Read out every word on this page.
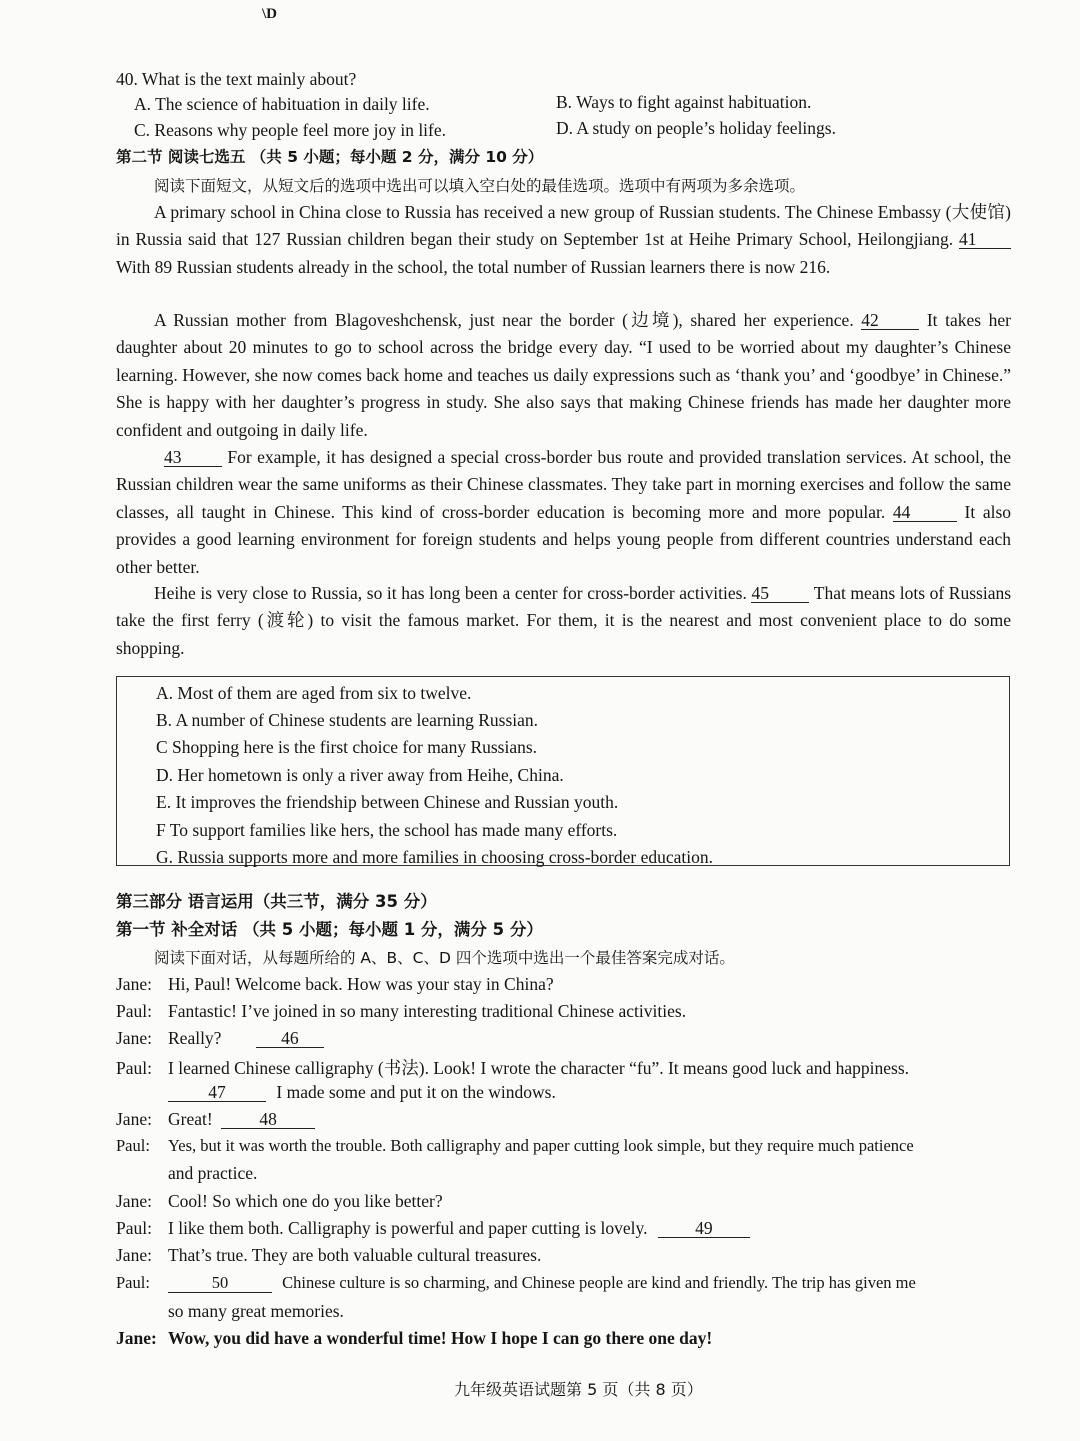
\D
40. What is the text mainly about?
A. The science of habituation in daily life.	B. Ways to fight against habituation.
C. Reasons why people feel more joy in life.	D. A study on people’s holiday feelings.
第二节 阅读七选五 （共 5 小题；每小题 2 分，满分 10 分）
阅读下面短文，从短文后的选项中选出可以填入空白处的最佳选项。选项中有两项为多余选项。
A primary school in China close to Russia has received a new group of Russian students. The Chinese Embassy (大使馆) in Russia said that 127 Russian children began their study on September 1st at Heihe Primary School, Heilongjiang. 41 With 89 Russian students already in the school, the total number of Russian learners there is now 216.
A Russian mother from Blagoveshchensk, just near the border (边境), shared her experience. 42	It takes her daughter about 20 minutes to go to school across the bridge every day. “I used to be worried about my daughter’s Chinese learning. However, she now comes back home and teaches us daily expressions such as ‘thank you’ and ‘goodbye’ in Chinese.” She is happy with her daughter’s progress in study. She also says that making Chinese friends has made her daughter more confident and outgoing in daily life.
43	For example, it has designed a special cross-border bus route and provided translation services. At school, the Russian children wear the same uniforms as their Chinese classmates. They take part in morning exercises and follow the same classes, all taught in Chinese. This kind of cross-border education is becoming more and more popular. 44	It also provides a good learning environment for foreign students and helps young people from different countries understand each other better.
Heihe is very close to Russia, so it has long been a center for cross-border activities. 45	That means lots of Russians take the first ferry (渡轮) to visit the famous market. For them, it is the nearest and most convenient place to do some shopping.
A. Most of them are aged from six to twelve.
B. A number of Chinese students are learning Russian.
C Shopping here is the first choice for many Russians.
D. Her hometown is only a river away from Heihe, China.
E. It improves the friendship between Chinese and Russian youth.
F To support families like hers, the school has made many efforts.
G. Russia supports more and more families in choosing cross-border education.
第三部分 语言运用（共三节，满分 35 分）
第一节 补全对话 （共 5 小题；每小题 1 分，满分 5 分）
阅读下面对话，从每题所给的 A、B、C、D 四个选项中选出一个最佳答案完成对话。
Jane: Hi, Paul! Welcome back. How was your stay in China?
Paul: Fantastic! I’ve joined in so many interesting traditional Chinese activities.
Jane: Really?	46
Paul: I learned Chinese calligraphy (书法). Look! I wrote the character “fu”. It means good luck and happiness.
47	I made some and put it on the windows.
Jane: Great!	48
Paul: Yes, but it was worth the trouble. Both calligraphy and paper cutting look simple, but they require much patience
and practice.
Jane: Cool! So which one do you like better?
Paul: I like them both. Calligraphy is powerful and paper cutting is lovely.	49
Jane: That’s true. They are both valuable cultural treasures.
Paul:	50	Chinese culture is so charming, and Chinese people are kind and friendly. The trip has given me
so many great memories.
Jane: Wow, you did have a wonderful time! How I hope I can go there one day!
九年级英语试题第 5 页（共 8 页）
